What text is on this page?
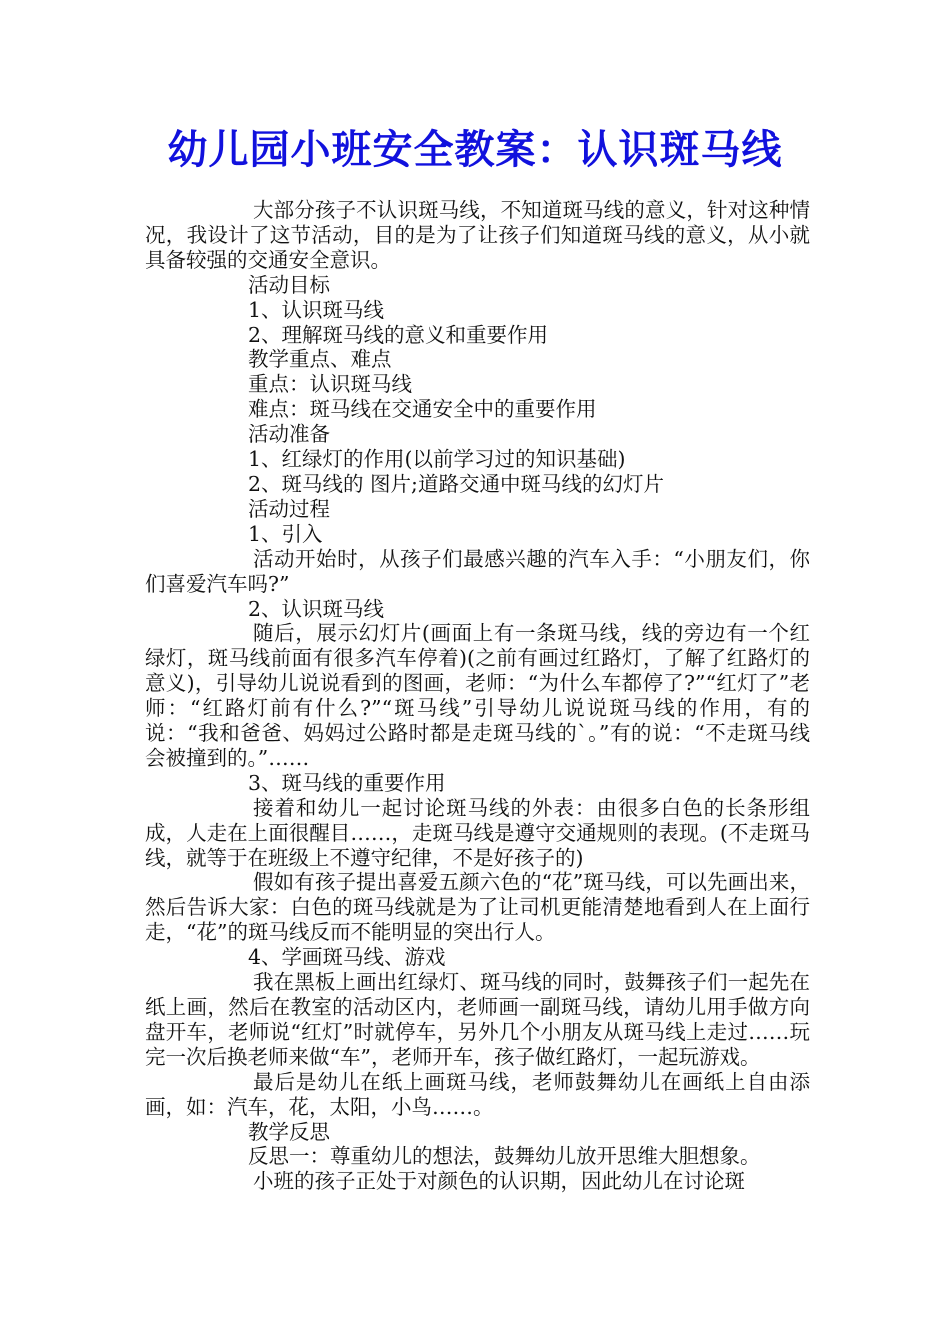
幼儿园小班安全教案：认识斑马线

大部分孩子不认识斑马线，不知道斑马线的意义，针对这种情况，我设计了这节活动，目的是为了让孩子们知道斑马线的意义，从小就具备较强的交通安全意识。

活动目标

1、认识斑马线

2、理解斑马线的意义和重要作用

教学重点、难点

重点：认识斑马线

难点：斑马线在交通安全中的重要作用

活动准备

1、红绿灯的作用(以前学习过的知识基础)

2、斑马线的 图片;道路交通中斑马线的幻灯片

活动过程

1、引入

活动开始时，从孩子们最感兴趣的汽车入手：“小朋友们，你们喜爱汽车吗?”

2、认识斑马线

随后，展示幻灯片(画面上有一条斑马线，线的旁边有一个红绿灯，斑马线前面有很多汽车停着)(之前有画过红路灯，了解了红路灯的意义)，引导幼儿说说看到的图画，老师：“为什么车都停了?”“红灯了”老师：“红路灯前有什么?”“斑马线”引导幼儿说说斑马线的作用，有的说：“我和爸爸、妈妈过公路时都是走斑马线的`。”有的说：“不走斑马线会被撞到的。”……

3、斑马线的重要作用

接着和幼儿一起讨论斑马线的外表：由很多白色的长条形组成，人走在上面很醒目……，走斑马线是遵守交通规则的表现。(不走斑马线，就等于在班级上不遵守纪律，不是好孩子的)

假如有孩子提出喜爱五颜六色的“花”斑马线，可以先画出来，然后告诉大家：白色的斑马线就是为了让司机更能清楚地看到人在上面行走，“花”的斑马线反而不能明显的突出行人。

4、学画斑马线、游戏

我在黑板上画出红绿灯、斑马线的同时，鼓舞孩子们一起先在纸上画，然后在教室的活动区内，老师画一副斑马线，请幼儿用手做方向盘开车，老师说“红灯”时就停车，另外几个小朋友从斑马线上走过……玩完一次后换老师来做“车”，老师开车，孩子做红路灯，一起玩游戏。

最后是幼儿在纸上画斑马线，老师鼓舞幼儿在画纸上自由添画，如：汽车，花，太阳，小鸟……。

教学反思

反思一：尊重幼儿的想法，鼓舞幼儿放开思维大胆想象。

小班的孩子正处于对颜色的认识期，因此幼儿在讨论斑
